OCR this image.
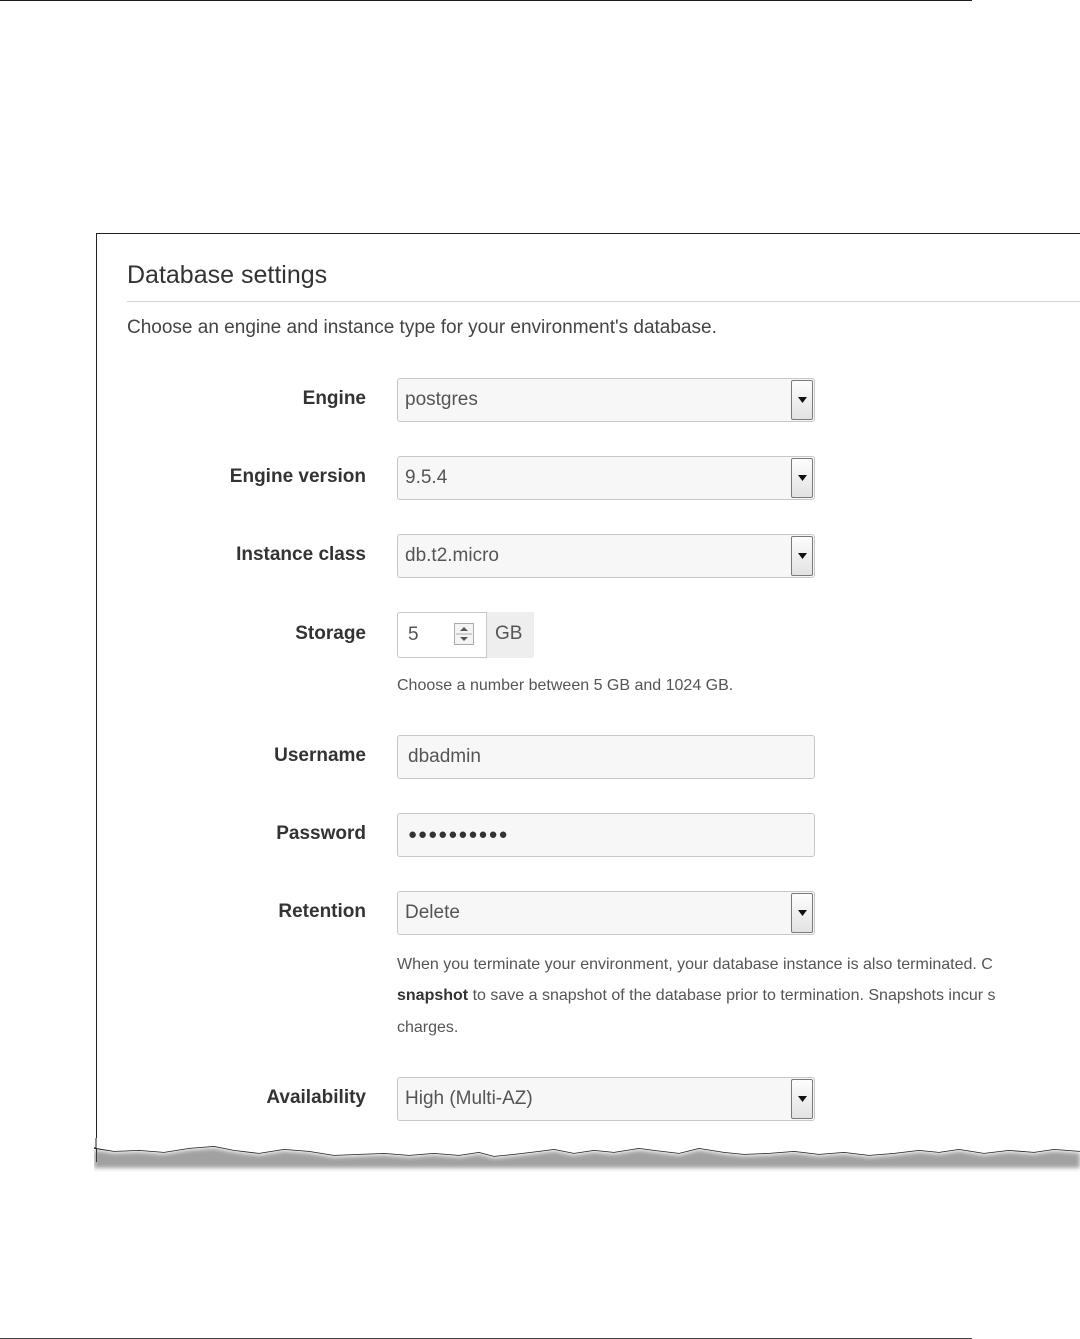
Database settings
Choose an engine and instance type for your environment's database.
Engine postgres
Engine version 9.5.4
Instance class db.t2.micro
Storage 5	GB
Choose a number between 5 GB and 1024 GB.
Username dbadmin
Password	●●●●●●●●●●
Retention Delete
When you terminate your environment, your database instance is also terminated. C
snapshot to save a snapshot of the database prior to termination. Snapshots incur s
charges.
Availability High (Multi-AZ)
